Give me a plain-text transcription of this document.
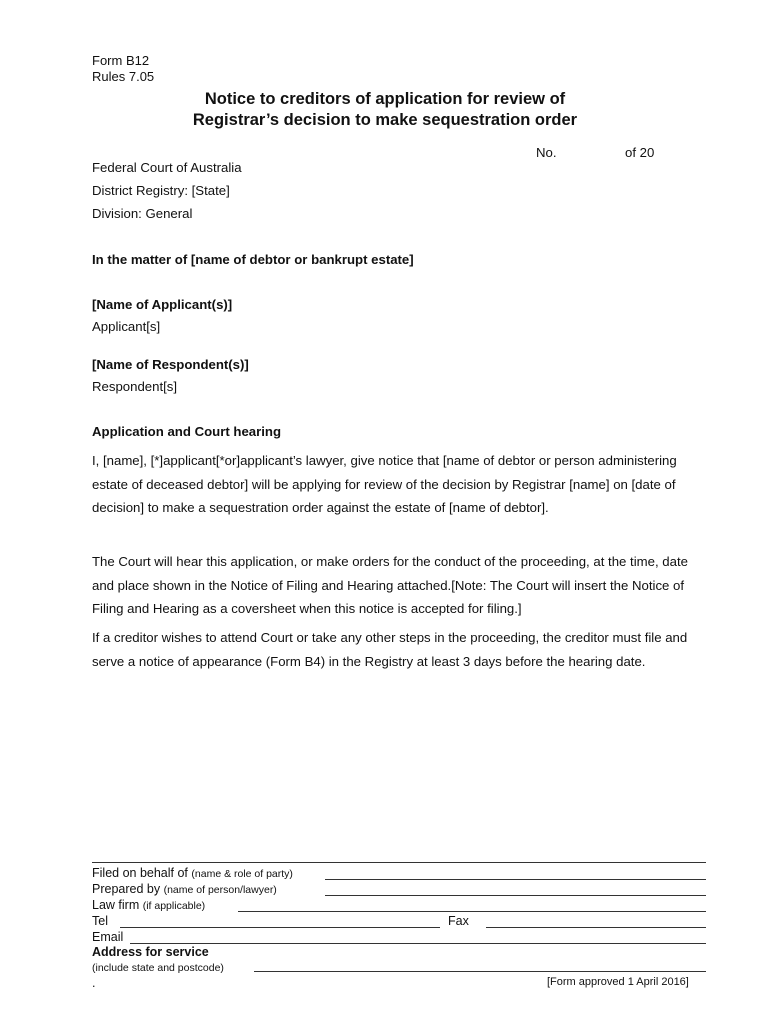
Form B12
Rules 7.05
Notice to creditors of application for review of
Registrar’s decision to make sequestration order
No.	of 20
Federal Court of Australia
District Registry: [State]
Division: General
In the matter of [name of debtor or bankrupt estate]
[Name of Applicant(s)]
Applicant[s]
[Name of Respondent(s)]
Respondent[s]
Application and Court hearing
I, [name], [*]applicant[*or]applicant’s lawyer, give notice that [name of debtor or person administering estate of deceased debtor] will be applying for review of the decision by Registrar [name] on [date of decision] to make a sequestration order against the estate of [name of debtor].
The Court will hear this application, or make orders for the conduct of the proceeding, at the time, date and place shown in the Notice of Filing and Hearing attached.[Note: The Court will insert the Notice of Filing and Hearing as a coversheet when this notice is accepted for filing.]
If a creditor wishes to attend Court or take any other steps in the proceeding, the creditor must file and serve a notice of appearance (Form B4) in the Registry at least 3 days before the hearing date.
Filed on behalf of (name & role of party)
Prepared by (name of person/lawyer)
Law firm (if applicable)
Tel	Fax
Email
Address for service
(include state and postcode)
.	[Form approved 1 April 2016]
